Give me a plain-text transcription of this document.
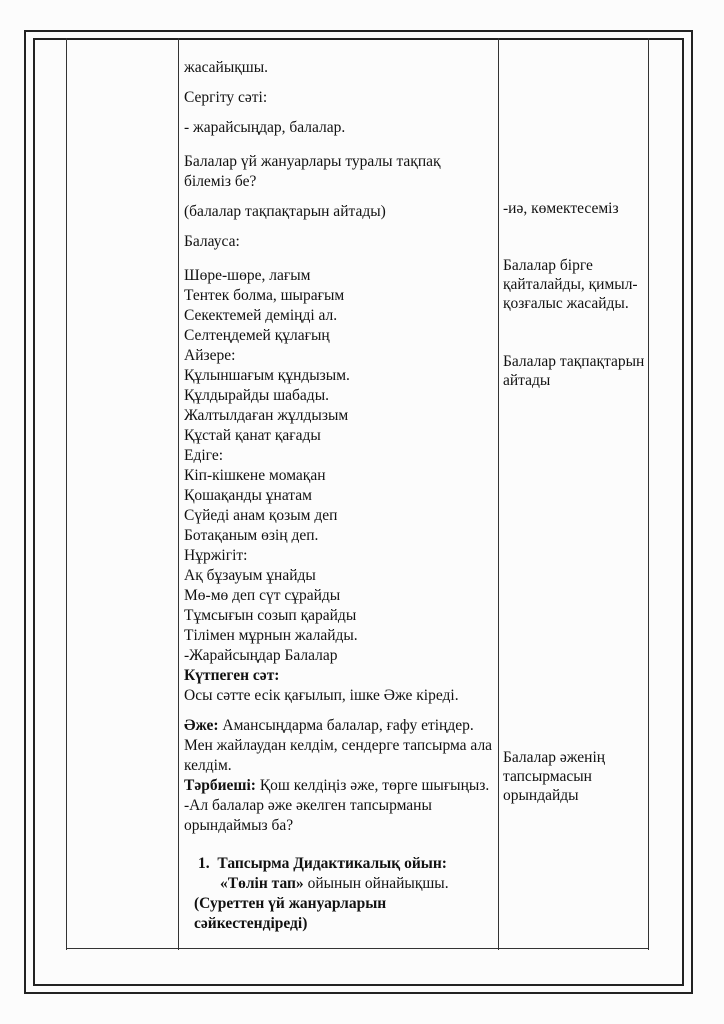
жасайықшы.

Сергіту сәті:

- жарайсыңдар, балалар.

Балалар үй жануарлары туралы тақпақ
білеміз бе?

(балалар тақпақтарын айтады)

Балауса:

Шөре-шөре, лағым

Тентек болма, шырағым

Секектемей деміңді ал.

Селтеңдемей құлағың

Айзере:

Құлыншағым құндызым.

Құлдырайды шабады.

Жалтылдаған жұлдызым

Құстай қанат қағады

Едіге:

Кіп-кішкене момақан

Қошақанды ұнатам

Сүйеді анам қозым деп

Ботақаным өзің деп.

Нұржігіт:

Ақ бұзауым ұнайды

Мө-мө деп сүт сұрайды

Тұмсығын созып қарайды

Тілімен мұрнын жалайды.

-Жарайсыңдар Балалар

Күтпеген сәт:

Осы сәтте есік қағылып, ішке Әже кіреді.

Әже: Амансыңдарма балалар, ғафу етіңдер.

Мен жайлаудан келдім, сендерге тапсырма ала келдім.

Тәрбиеші: Қош келдіңіз әже, төрге шығыңыз.

-Ал балалар әже әкелген тапсырманы орындаймыз ба?

1. Тапсырма Дидактикалық ойын:

«Төлін тап» ойынын ойнайықшы.

(Суреттен үй жануарларын сәйкестендіреді)

-иә, көмектесеміз

Балалар бірге қайталайды, қимыл-қозғалыс жасайды.

Балалар тақпақтарын айтады

Балалар әженің тапсырмасын орындайды
